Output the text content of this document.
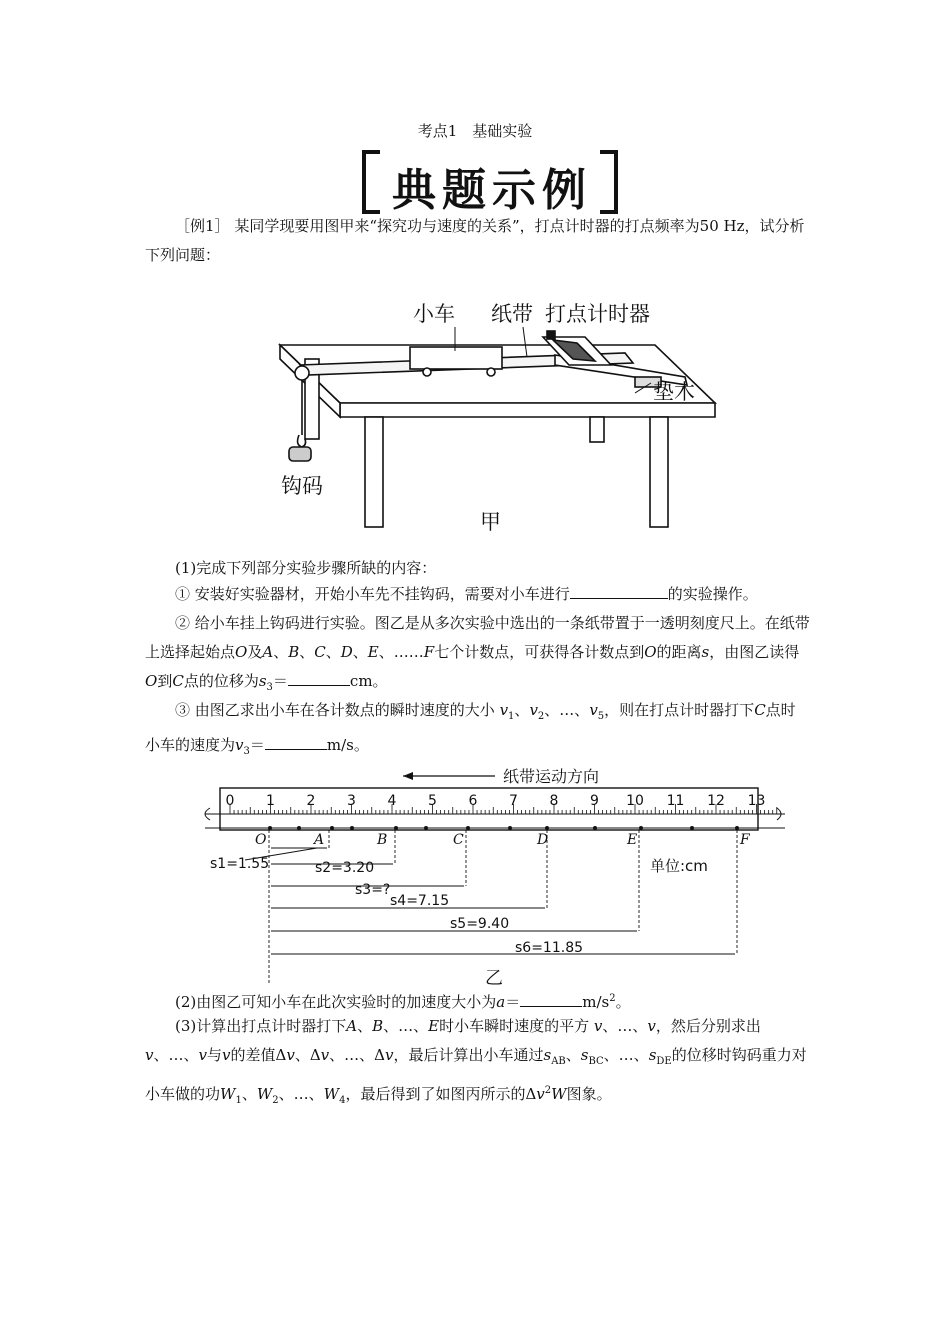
考点1　基础实验
典题示例
［例1］ 某同学现要用图甲来“探究功与速度的关系”，打点计时器的打点频率为50 Hz，试分析下列问题：
小车 纸带 打点计时器
垫木
钩码
甲
(1)完成下列部分实验步骤所缺的内容：
① 安装好实验器材，开始小车先不挂钩码，需要对小车进行	的实验操作。
② 给小车挂上钩码进行实验。图乙是从多次实验中选出的一条纸带置于一透明刻度尺上。在纸带上选择起始点O及A、B、C、D、E、……F七个计数点，可获得各计数点到O的距离s，由图乙读得O到C点的位移为$s_3=$	cm。
③ 由图乙求出小车在各计数点的瞬时速度的大小 $v_1$、$v_2$、…、$v_5$，则在打点计时器打下C点时小车的速度为$v_3=$	m/s。
纸带运动方向
0 1 2 3 4 5 6 7 8 9 10 11 12 13
O	A	B	C	D	E	F
s1=1.55	s2=3.20
s3=?
s4=7.15
s5=9.40
s6=11.85
单位:cm
乙
(2)由图乙可知小车在此次实验时的加速度大小为a＝	$m/s^2$。
(3)计算出打点计时器打下A、B、…、E时小车瞬时速度的平方 v、…、v，然后分别求出v、…、v与v的差值Δv、Δv、…、Δv，最后计算出小车通过$s_{AB}$、$s_{BC}$、…、$s_{DE}$的位移时钩码重力对小车做的功$W_1$、$W_2$、…、$W_4$，最后得到了如图丙所示的$\Delta v^2W$图象。
